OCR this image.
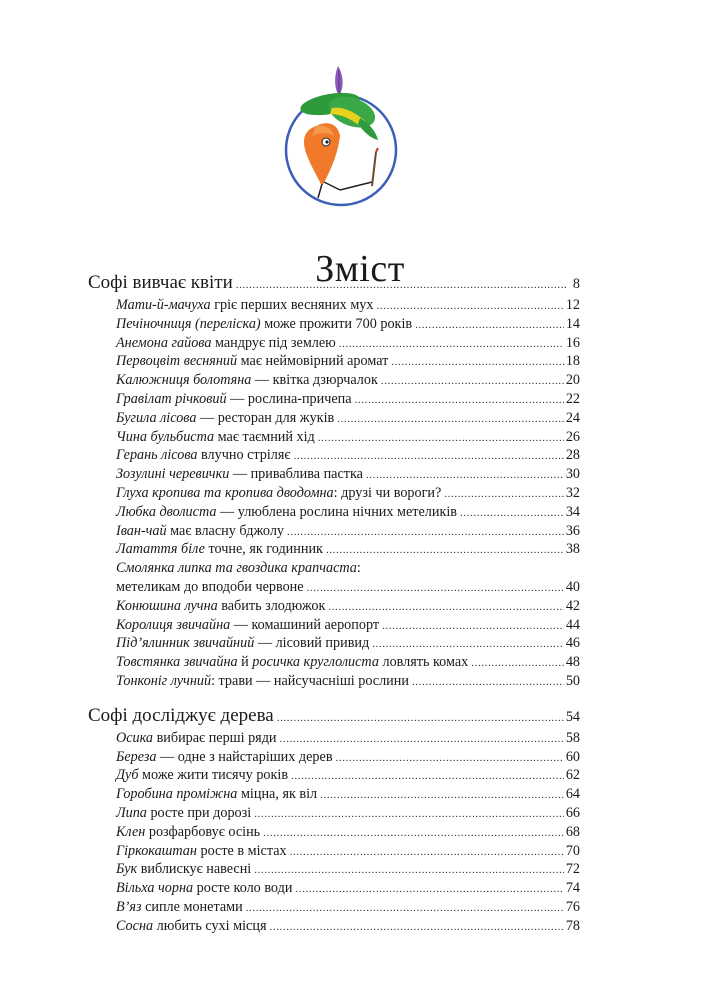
Зміст
Софі вивчає квіти .....	8
Мати-й-мачуха гріє перших весняних мух .....	12
Печіночниця (переліска) може прожити 700 років .....	14
Анемона гайова мандрує під землею .....	16
Первоцвіт весняний має неймовірний аромат .....	18
Калюжниця болотяна — квітка дзюрчалок .....	20
Гравілат річковий — рослина-причепа .....	22
Бугила лісова — ресторан для жуків .....	24
Чина бульбиста має таємний хід .....	26
Герань лісова влучно стріляє .....	28
Зозулині черевички — приваблива пастка .....	30
Глуха кропива та кропива дводомна: друзі чи вороги? .....	32
Любка дволиста — улюблена рослина нічних метеликів .....	34
Іван-чай має власну бджолу .....	36
Латаття біле точне, як годинник .....	38
Смолянка липка та гвоздика крапчаста:
метеликам до вподоби червоне .....	40
Конюшина лучна вабить злодюжок .....	42
Королиця звичайна — комашиний аеропорт .....	44
Під’ялинник звичайний — лісовий привид .....	46
Товстянка звичайна й росичка круглолиста ловлять комах .....	48
Тонконіг лучний: трави — найсучасніші рослини .....	50
Софі досліджує дерева .....	54
Осика вибирає перші ряди .....	58
Береза — одне з найстаріших дерев .....	60
Дуб може жити тисячу років .....	62
Горобина проміжна міцна, як віл .....	64
Липа росте при дорозі .....	66
Клен розфарбовує осінь .....	68
Гіркокаштан росте в містах .....	70
Бук виблискує навесні .....	72
Вільха чорна росте коло води .....	74
В’яз сипле монетами .....	76
Сосна любить сухі місця .....	78
